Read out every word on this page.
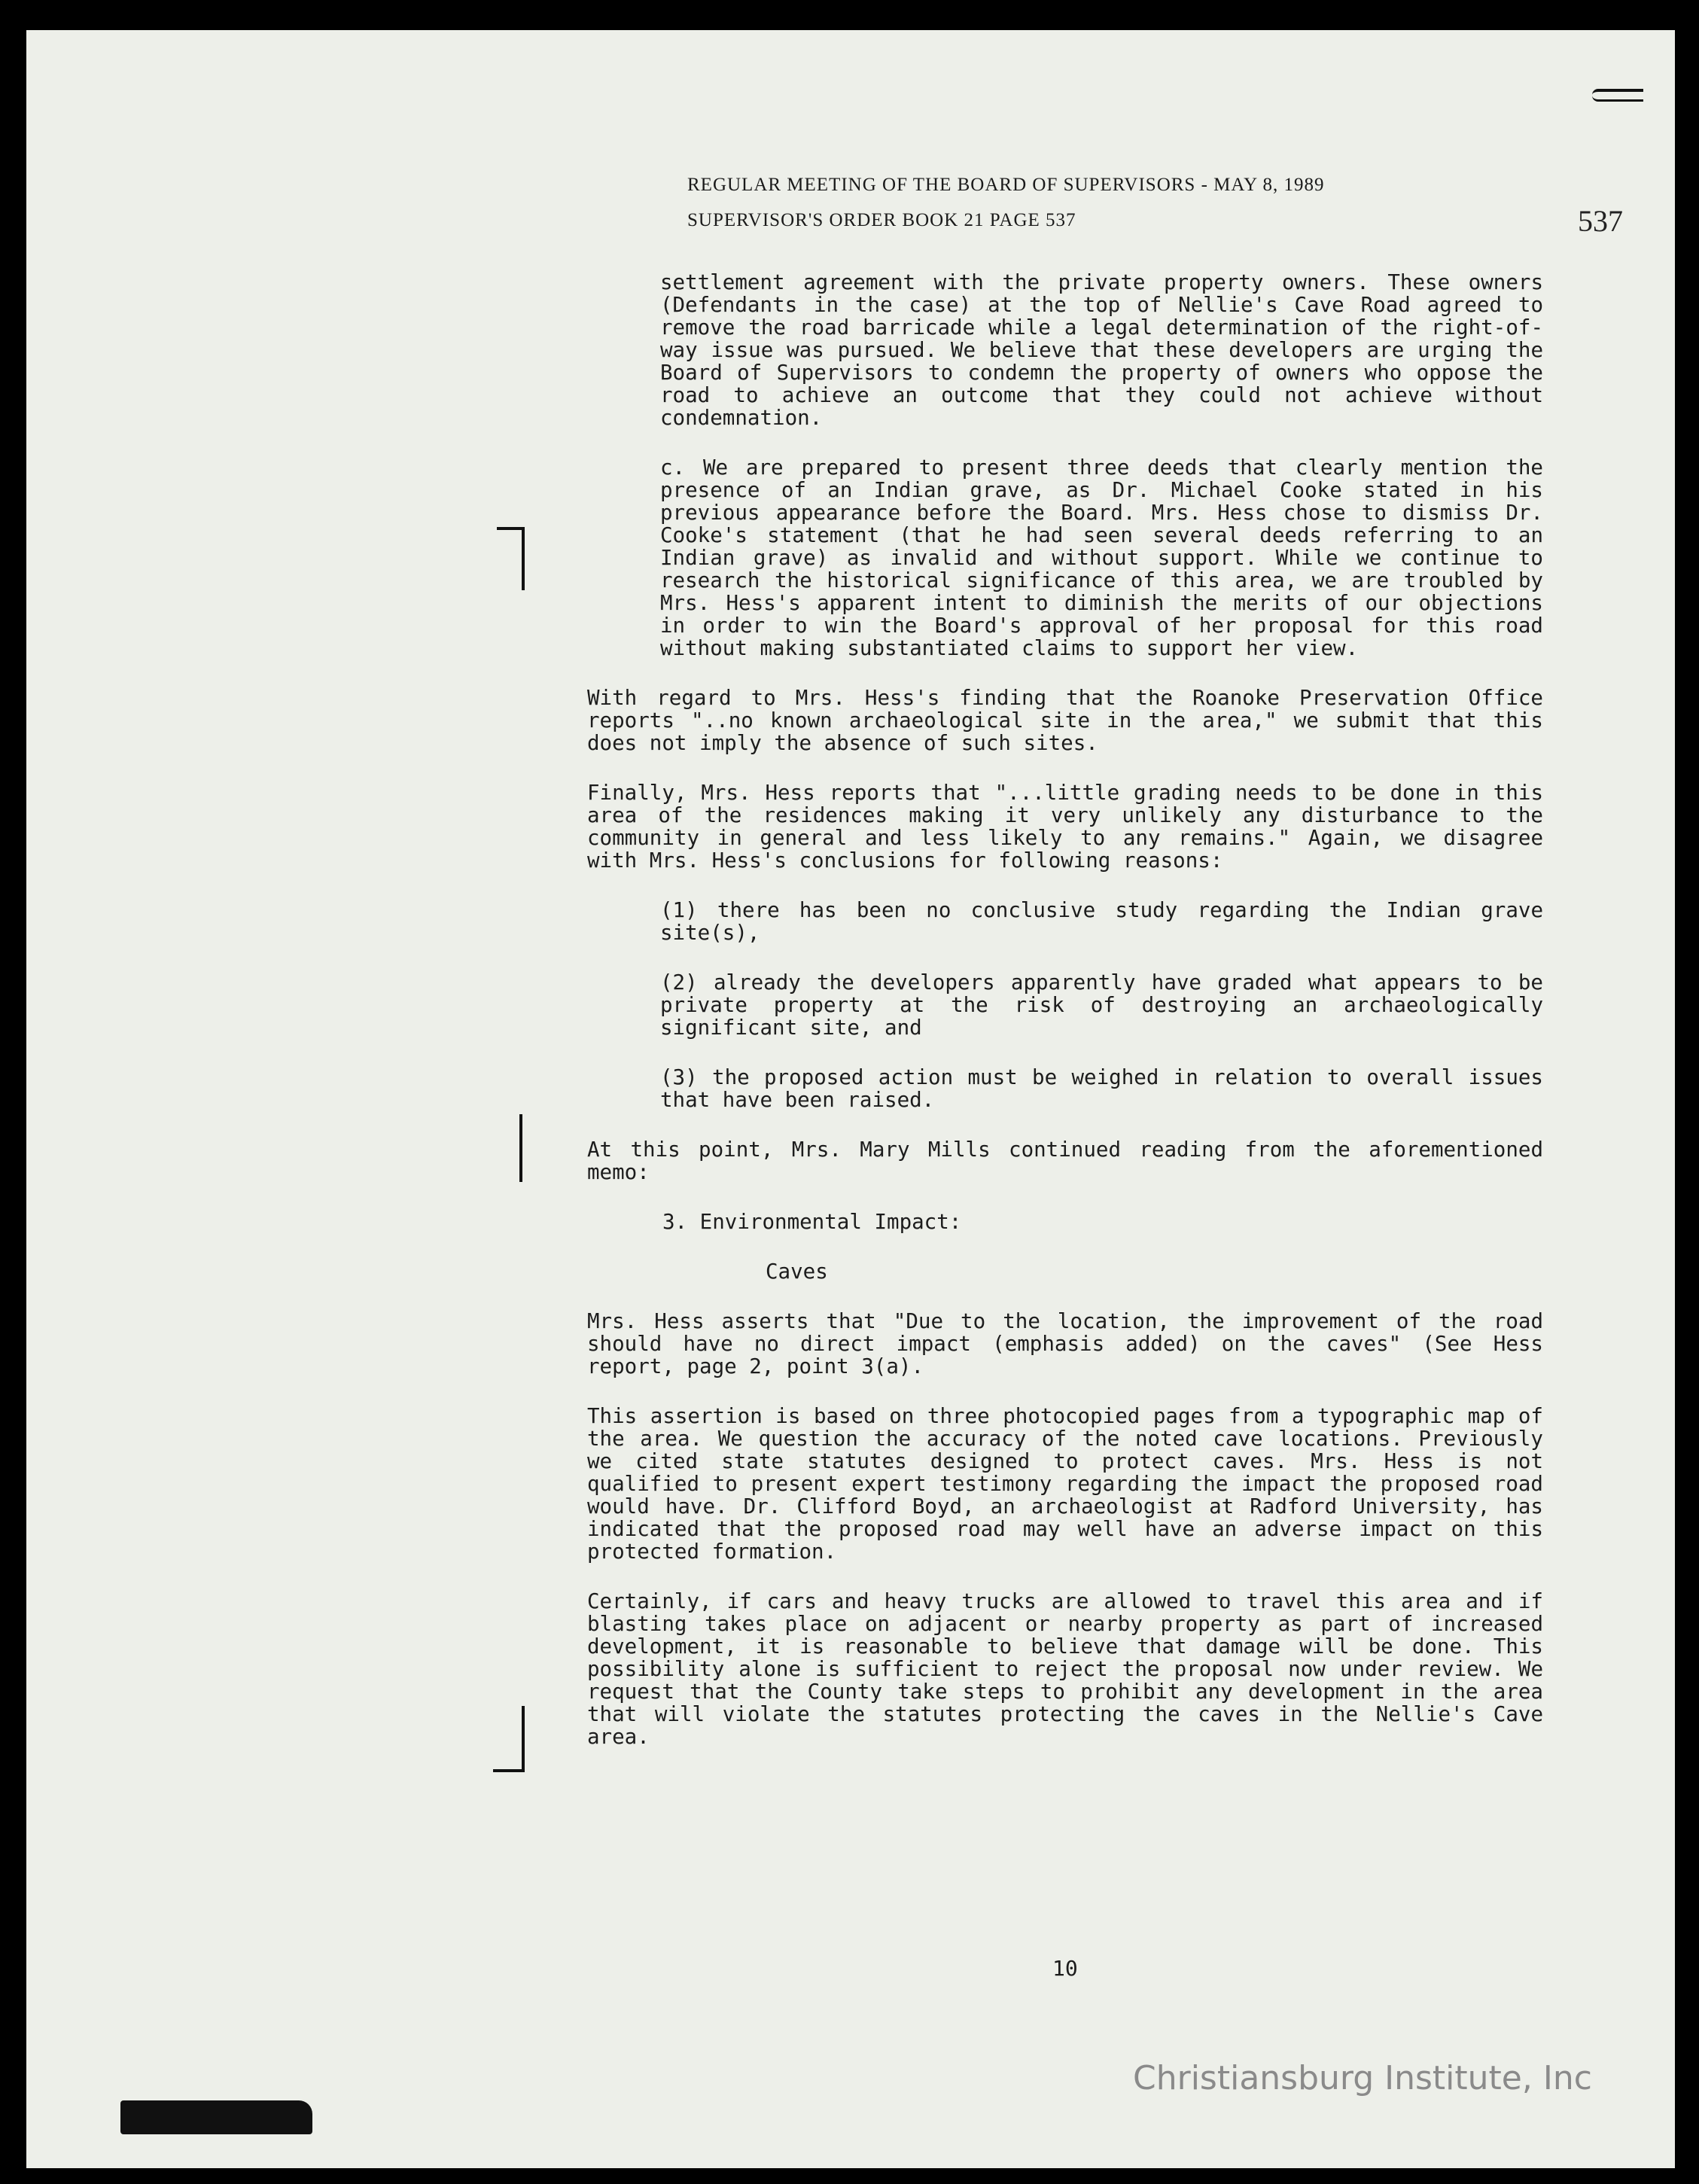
REGULAR MEETING OF THE BOARD OF SUPERVISORS - MAY 8, 1989
SUPERVISOR'S ORDER BOOK 21 PAGE 537	537

settlement agreement with the private property owners. These owners (Defendants in the case) at the top of Nellie's Cave Road agreed to remove the road barricade while a legal determination of the right-of-way issue was pursued. We believe that these developers are urging the Board of Supervisors to condemn the property of owners who oppose the road to achieve an outcome that they could not achieve without condemnation.

c. We are prepared to present three deeds that clearly mention the presence of an Indian grave, as Dr. Michael Cooke stated in his previous appearance before the Board. Mrs. Hess chose to dismiss Dr. Cooke's statement (that he had seen several deeds referring to an Indian grave) as invalid and without support. While we continue to research the historical significance of this area, we are troubled by Mrs. Hess's apparent intent to diminish the merits of our objections in order to win the Board's approval of her proposal for this road without making substantiated claims to support her view.

With regard to Mrs. Hess's finding that the Roanoke Preservation Office reports "..no known archaeological site in the area," we submit that this does not imply the absence of such sites.

Finally, Mrs. Hess reports that "...little grading needs to be done in this area of the residences making it very unlikely any disturbance to the community in general and less likely to any remains." Again, we disagree with Mrs. Hess's conclusions for following reasons:

(1) there has been no conclusive study regarding the Indian grave site(s),

(2) already the developers apparently have graded what appears to be private property at the risk of destroying an archaeologically significant site, and

(3) the proposed action must be weighed in relation to overall issues that have been raised.

At this point, Mrs. Mary Mills continued reading from the aforementioned memo:

3. Environmental Impact:

Caves

Mrs. Hess asserts that "Due to the location, the improvement of the road should have no direct impact (emphasis added) on the caves" (See Hess report, page 2, point 3(a).

This assertion is based on three photocopied pages from a typographic map of the area. We question the accuracy of the noted cave locations. Previously we cited state statutes designed to protect caves. Mrs. Hess is not qualified to present expert testimony regarding the impact the proposed road would have. Dr. Clifford Boyd, an archaeologist at Radford University, has indicated that the proposed road may well have an adverse impact on this protected formation.

Certainly, if cars and heavy trucks are allowed to travel this area and if blasting takes place on adjacent or nearby property as part of increased development, it is reasonable to believe that damage will be done. This possibility alone is sufficient to reject the proposal now under review. We request that the County take steps to prohibit any development in the area that will violate the statutes protecting the caves in the Nellie's Cave area.

10
Christiansburg Institute, Inc
